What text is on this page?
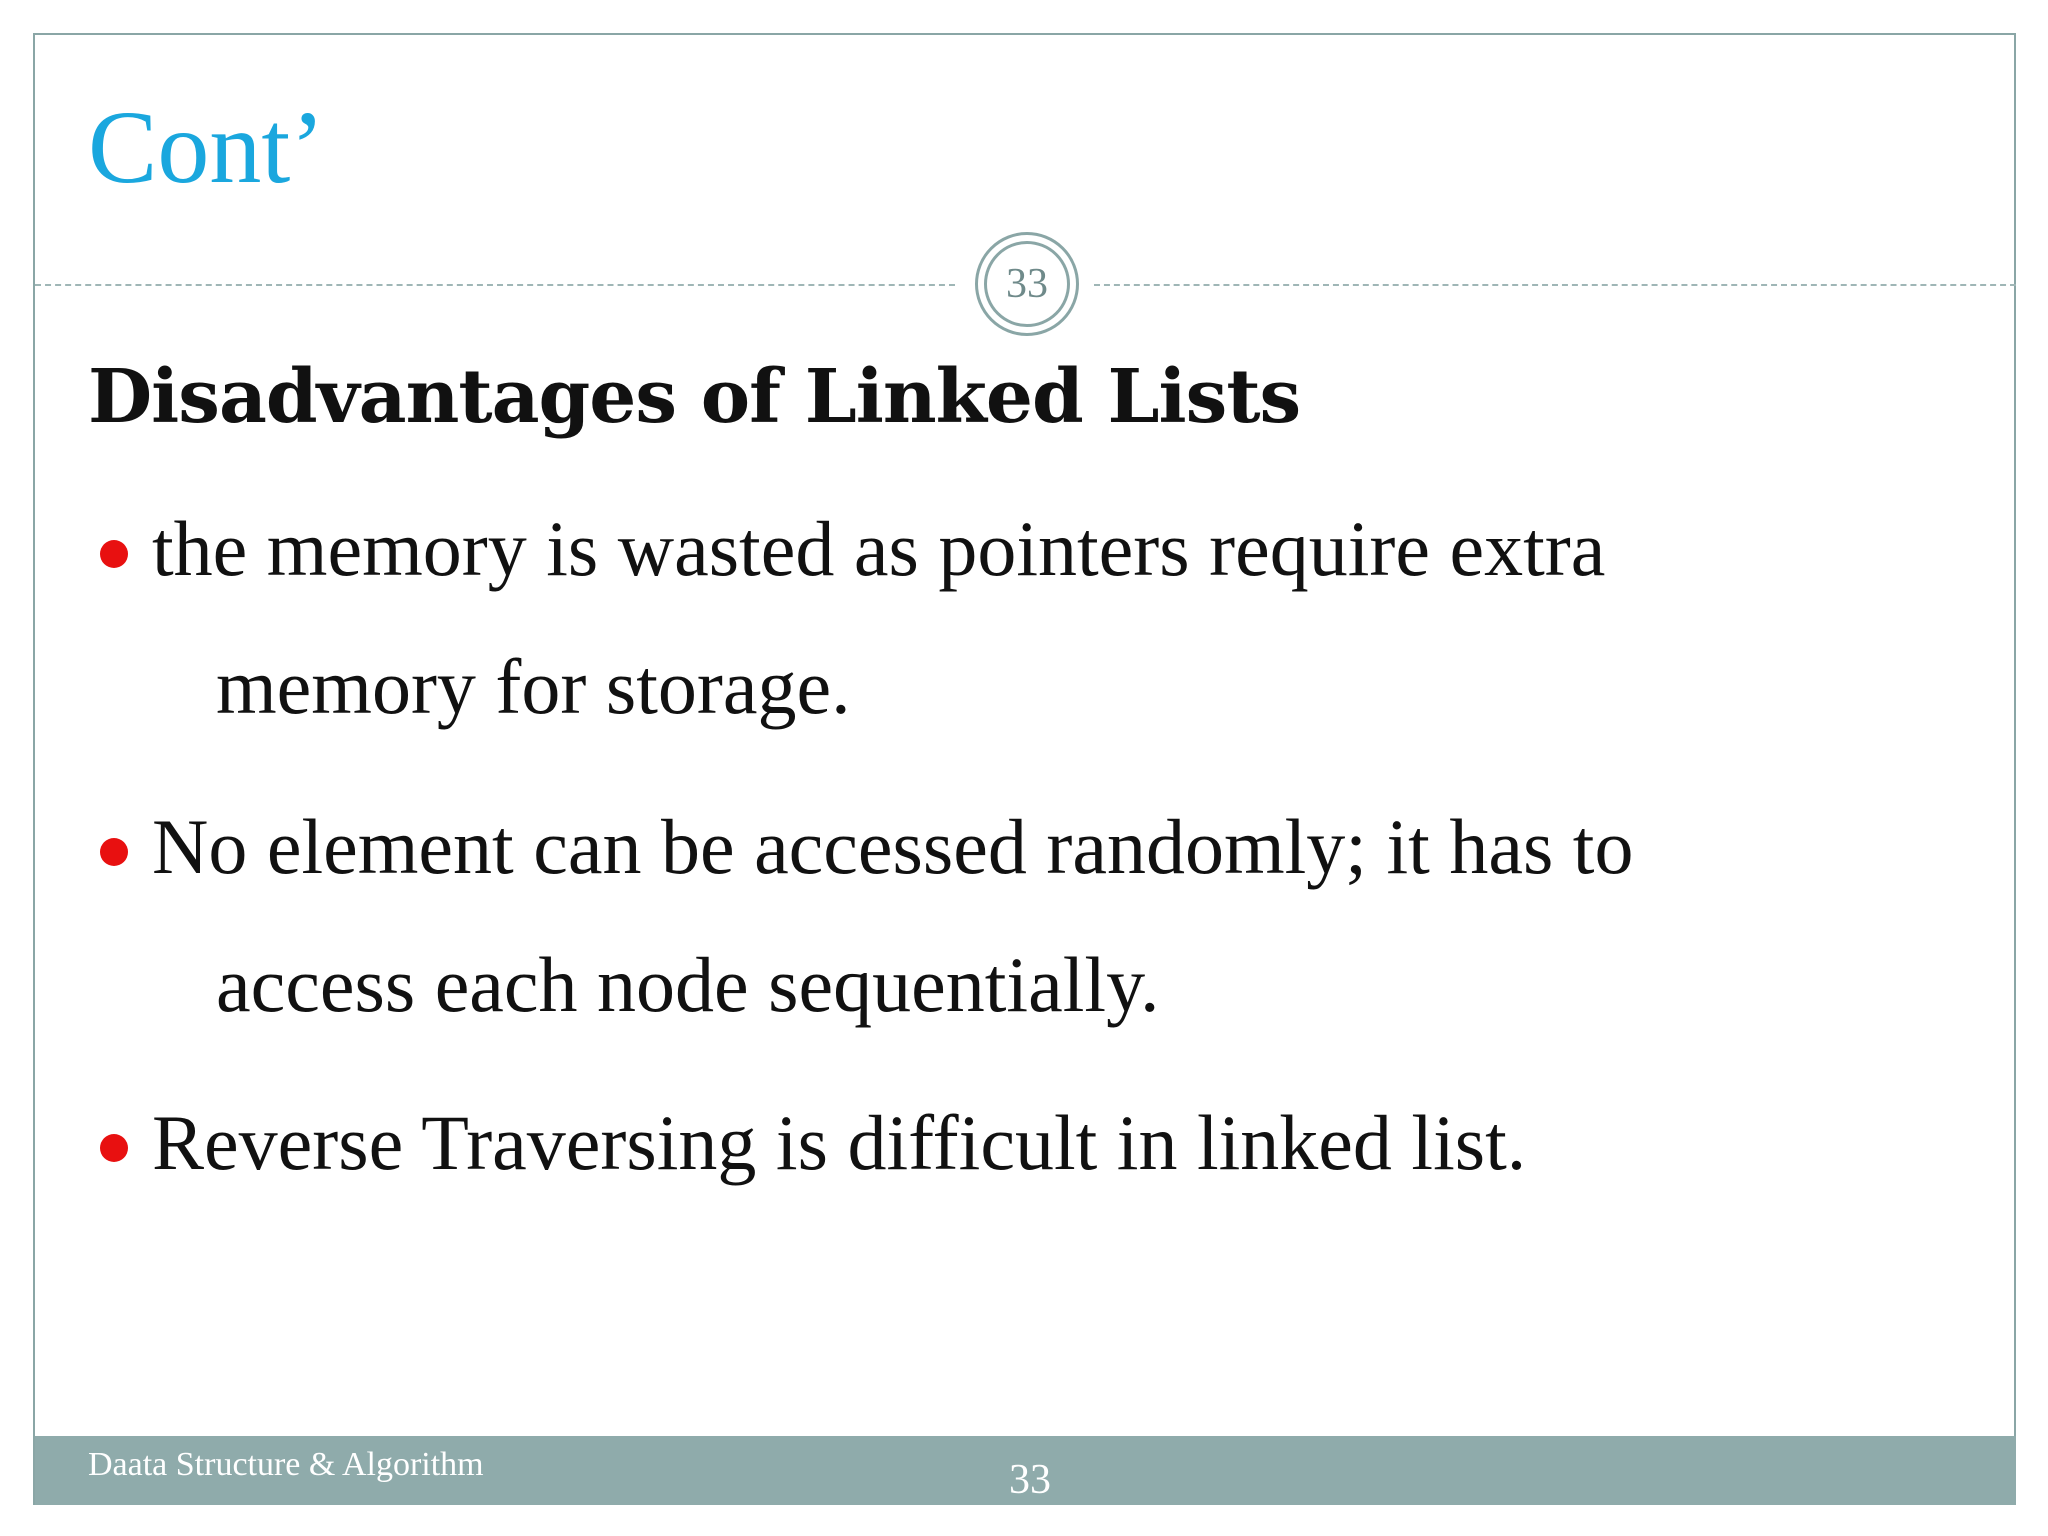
Cont’
33
Disadvantages of Linked Lists
the memory is wasted as pointers require extra
memory for storage.
No element can be accessed randomly; it has to
access each node sequentially.
Reverse Traversing is difficult in linked list.
Daata Structure & Algorithm	33
